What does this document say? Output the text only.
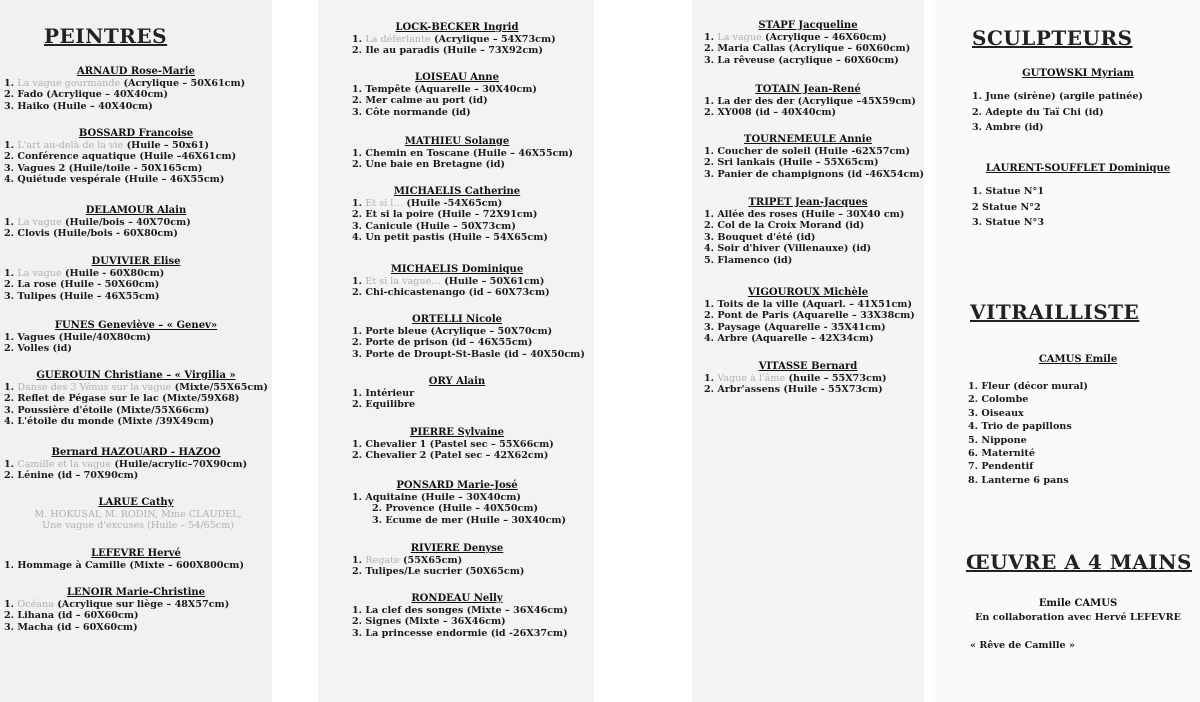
PEINTRES

ARNAUD Rose-Marie

1. La vague gourmande (Acrylique – 50X61cm)
2. Fado (Acrylique – 40X40cm)
3. Haiko (Huile – 40X40cm)

BOSSARD Francoise

1. L'art au-delà de la vie (Huile – 50x61)
2. Conférence aquatique (Huile –46X61cm)
3. Vagues 2 (Huile/toile - 50X165cm)
4. Quiétude vespérale (Huile – 46X55cm)

DELAMOUR Alain

1. La vague (Huile/bois – 40X70cm)
2. Clovis (Huile/bois - 60X80cm)

DUVIVIER Elise

1. La vague (Huile - 60X80cm)
2. La rose (Huile - 50X60cm)
3. Tulipes (Huile – 46X55cm)

FUNES Geneviève – « Genev»

1. Vagues (Huile/40X80cm)
2. Volles (id)

GUEROUIN Christiane – « Virgilia »

1. Danse des 3 Vénus sur la vague (Mixte/55X65cm)
2. Reflet de Pégase sur le lac (Mixte/59X68)
3. Poussière d'étoile (Mixte/55X66cm)
4. L'étoile du monde (Mixte /39X49cm)

Bernard HAZOUARD - HAZOO

1. Camille et la vague (Huile/acrylic–70X90cm)
2. Lénine (id – 70X90cm)

LARUE Cathy

M. HOKUSAI, M. RODIN, Mme CLAUDEL,
Une vague d'excuses (Huile – 54/65cm)

LEFEVRE Hervé

1. Hommage à Camille (Mixte – 600X800cm)

LENOIR Marie-Christine

1. Océana (Acrylique sur liège – 48X57cm)
2. Lihana (id – 60X60cm)
3. Macha (id – 60X60cm)

LOCK-BECKER Ingrid

1. La déferlante (Acrylique – 54X73cm)
2. Ile au paradis (Huile – 73X92cm)

LOISEAU Anne

1. Tempête (Aquarelle – 30X40cm)
2. Mer calme au port (id)
3. Côte normande (id)

MATHIEU Solange

1. Chemin en Toscane (Huile – 46X55cm)
2. Une baie en Bretagne (id)

MICHAELIS Catherine

1. Et si l… (Huile -54X65cm)
2. Et si la poire (Huile – 72X91cm)
3. Canicule (Huile – 50X73cm)
4. Un petit pastis (Huile – 54X65cm)

MICHAELIS Dominique

1. Et si la vague… (Huile – 50X61cm)
2. Chi-chicastenango (id – 60X73cm)

ORTELLI Nicole

1. Porte bleue (Acrylique – 50X70cm)
2. Porte de prison (id – 46X55cm)
3. Porte de Droupt-St-Basle (id – 40X50cm)

ORY Alain

1. Intérieur
2. Equilibre

PIERRE Sylvaine

1. Chevalier 1 (Pastel sec – 55X66cm)
2. Chevalier 2 (Patel sec – 42X62cm)

PONSARD Marie-José

1. Aquitaine (Huile – 30X40cm)
2. Provence (Huile – 40X50cm)
3. Ecume de mer (Huile – 30X40cm)

RIVIERE Denyse

1. Regate (55X65cm)
2. Tulipes/Le sucrier (50X65cm)

RONDEAU Nelly

1. La clef des songes (Mixte – 36X46cm)
2. Signes (Mixte – 36X46cm)
3. La princesse endormie (id -26X37cm)

STAPF Jacqueline

1. La vague (Acrylique – 46X60cm)
2. Maria Callas (Acrylique – 60X60cm)
3. La rêveuse (acrylique – 60X60cm)

TOTAIN Jean-René

1. La der des der (Acrylique –45X59cm)
2. XY008 (id – 40X40cm)

TOURNEMEULE Annie

1. Coucher de soleil (Huile -62X57cm)
2. Sri lankais (Huile – 55X65cm)
3. Panier de champignons (id -46X54cm)

TRIPET Jean-Jacques

1. Allée des roses (Huile – 30X40 cm)
2. Col de la Croix Morand (id)
3. Bouquet d'été (id)
4. Soir d'hiver (Villenauxe) (id)
5. Flamenco (id)

VIGOUROUX Michèle

1. Toits de la ville (Aquarl. – 41X51cm)
2. Pont de Paris (Aquarelle – 33X38cm)
3. Paysage (Aquarelle - 35X41cm)
4. Arbre (Aquarelle – 42X34cm)

VITASSE Bernard

1. Vague à l'âme (huile – 55X73cm)
2. Arbr'assens (Huile - 55X73cm)
SCULPTEURS

GUTOWSKI Myriam

1. June (sirène) (argile patinée)
2. Adepte du Taï Chi (id)
3. Ambre (id)

LAURENT-SOUFFLET Dominique

1. Statue N°1
2 Statue N°2
3. Statue N°3
VITRAILLISTE

CAMUS Emile

1. Fleur (décor mural)
2. Colombe
3. Oiseaux
4. Trio de papillons
5. Nippone
6. Maternité
7. Pendentif
8. Lanterne 6 pans
ŒUVRE A 4 MAINS

Emile CAMUS

En collaboration avec Hervé LEFEVRE

« Rêve de Camille »
